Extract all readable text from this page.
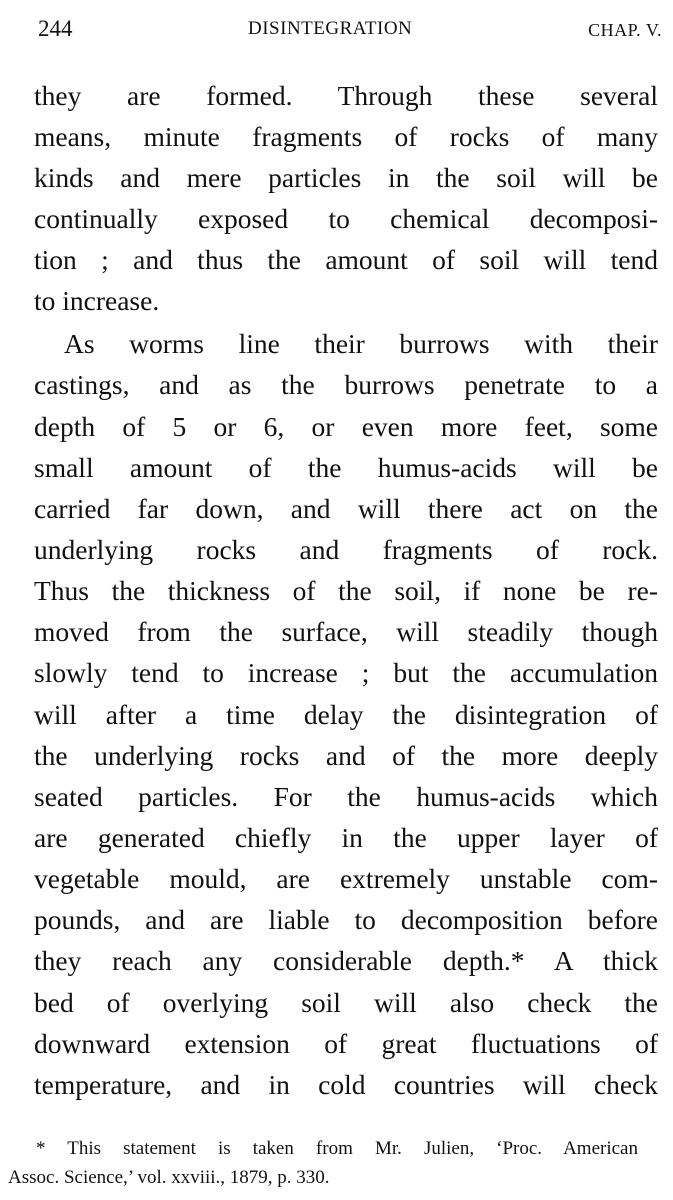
244	DISINTEGRATION	CHAP. V.
they are formed. Through these several
means, minute fragments of rocks of many
kinds and mere particles in the soil will be
continually exposed to chemical decomposi-
tion ; and thus the amount of soil will tend
to increase.
As worms line their burrows with their
castings, and as the burrows penetrate to a
depth of 5 or 6, or even more feet, some
small amount of the humus-acids will be
carried far down, and will there act on the
underlying rocks and fragments of rock.
Thus the thickness of the soil, if none be re-
moved from the surface, will steadily though
slowly tend to increase ; but the accumulation
will after a time delay the disintegration of
the underlying rocks and of the more deeply
seated particles. For the humus-acids which
are generated chiefly in the upper layer of
vegetable mould, are extremely unstable com-
pounds, and are liable to decomposition before
they reach any considerable depth.* A thick
bed of overlying soil will also check the
downward extension of great fluctuations of
temperature, and in cold countries will check
* This statement is taken from Mr. Julien, ‘Proc. American
Assoc. Science,’ vol. xxviii., 1879, p. 330.
